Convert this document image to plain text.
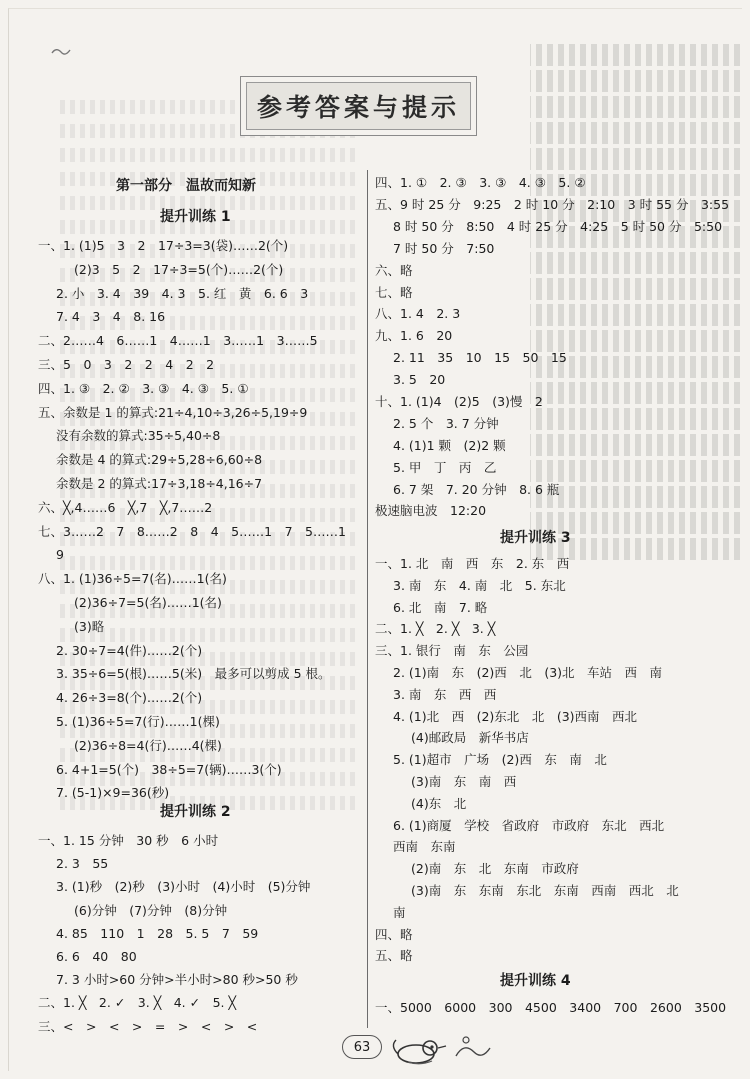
参考答案与提示
第一部分　温故而知新
提升训练 1
一、1. (1)5　3　2　17÷3=3(袋)……2(个)
(2)3　5　2　17÷3=5(个)……2(个)
2. 小　3. 4　39　4. 3　5. 红　黄　6. 6　3
7. 4　3　4　8. 16
二、2……4　6……1　4……1　3……1　3……5
三、5　0　3　2　2　4　2　2
四、1. ③　2. ②　3. ③　4. ③　5. ①
五、余数是 1 的算式:21÷4,10÷3,26÷5,19÷9
没有余数的算式:35÷5,40÷8
余数是 4 的算式:29÷5,28÷6,60÷8
余数是 2 的算式:17÷3,18÷4,16÷7
六、╳,4……6　╳,7　╳,7……2
七、3……2　7　8……2　8　4　5……1　7　5……1
9
八、1. (1)36÷5=7(名)……1(名)
(2)36÷7=5(名)……1(名)
(3)略
2. 30÷7=4(件)……2(个)
3. 35÷6=5(根)……5(米)　最多可以剪成 5 根。
4. 26÷3=8(个)……2(个)
5. (1)36÷5=7(行)……1(棵)
(2)36÷8=4(行)……4(棵)
6. 4+1=5(个)　38÷5=7(辆)……3(个)
7. (5-1)×9=36(秒)
提升训练 2
一、1. 15 分钟　30 秒　6 小时
2. 3　55
3. (1)秒　(2)秒　(3)小时　(4)小时　(5)分钟
(6)分钟　(7)分钟　(8)分钟
4. 85　110　1　28　5. 5　7　59
6. 6　40　80
7. 3 小时>60 分钟>半小时>80 秒>50 秒
二、1. ╳　2. ✓　3. ╳　4. ✓　5. ╳
三、<　>　<　>　=　>　<　>　<
四、1. ①　2. ③　3. ③　4. ③　5. ②
五、9 时 25 分　9:25　2 时 10 分　2:10　3 时 55 分　3:55
8 时 50 分　8:50　4 时 25 分　4:25　5 时 50 分　5:50
7 时 50 分　7:50
六、略
七、略
八、1. 4　2. 3
九、1. 6　20
2. 11　35　10　15　50　15
3. 5　20
十、1. (1)4　(2)5　(3)慢　2
2. 5 个　3. 7 分钟
4. (1)1 颗　(2)2 颗
5. 甲　丁　丙　乙
6. 7 架　7. 20 分钟　8. 6 瓶
极速脑电波　12:20
提升训练 3
一、1. 北　南　西　东　2. 东　西
3. 南　东　4. 南　北　5. 东北
6. 北　南　7. 略
二、1. ╳　2. ╳　3. ╳
三、1. 银行　南　东　公园
2. (1)南　东　(2)西　北　(3)北　车站　西　南
3. 南　东　西　西
4. (1)北　西　(2)东北　北　(3)西南　西北
(4)邮政局　新华书店
5. (1)超市　广场　(2)西　东　南　北
(3)南　东　南　西
(4)东　北
6. (1)商厦　学校　省政府　市政府　东北　西北
西南　东南
(2)南　东　北　东南　市政府
(3)南　东　东南　东北　东南　西南　西北　北
南
四、略
五、略
提升训练 4
一、5000　6000　300　4500　3400　700　2600　3500
63
